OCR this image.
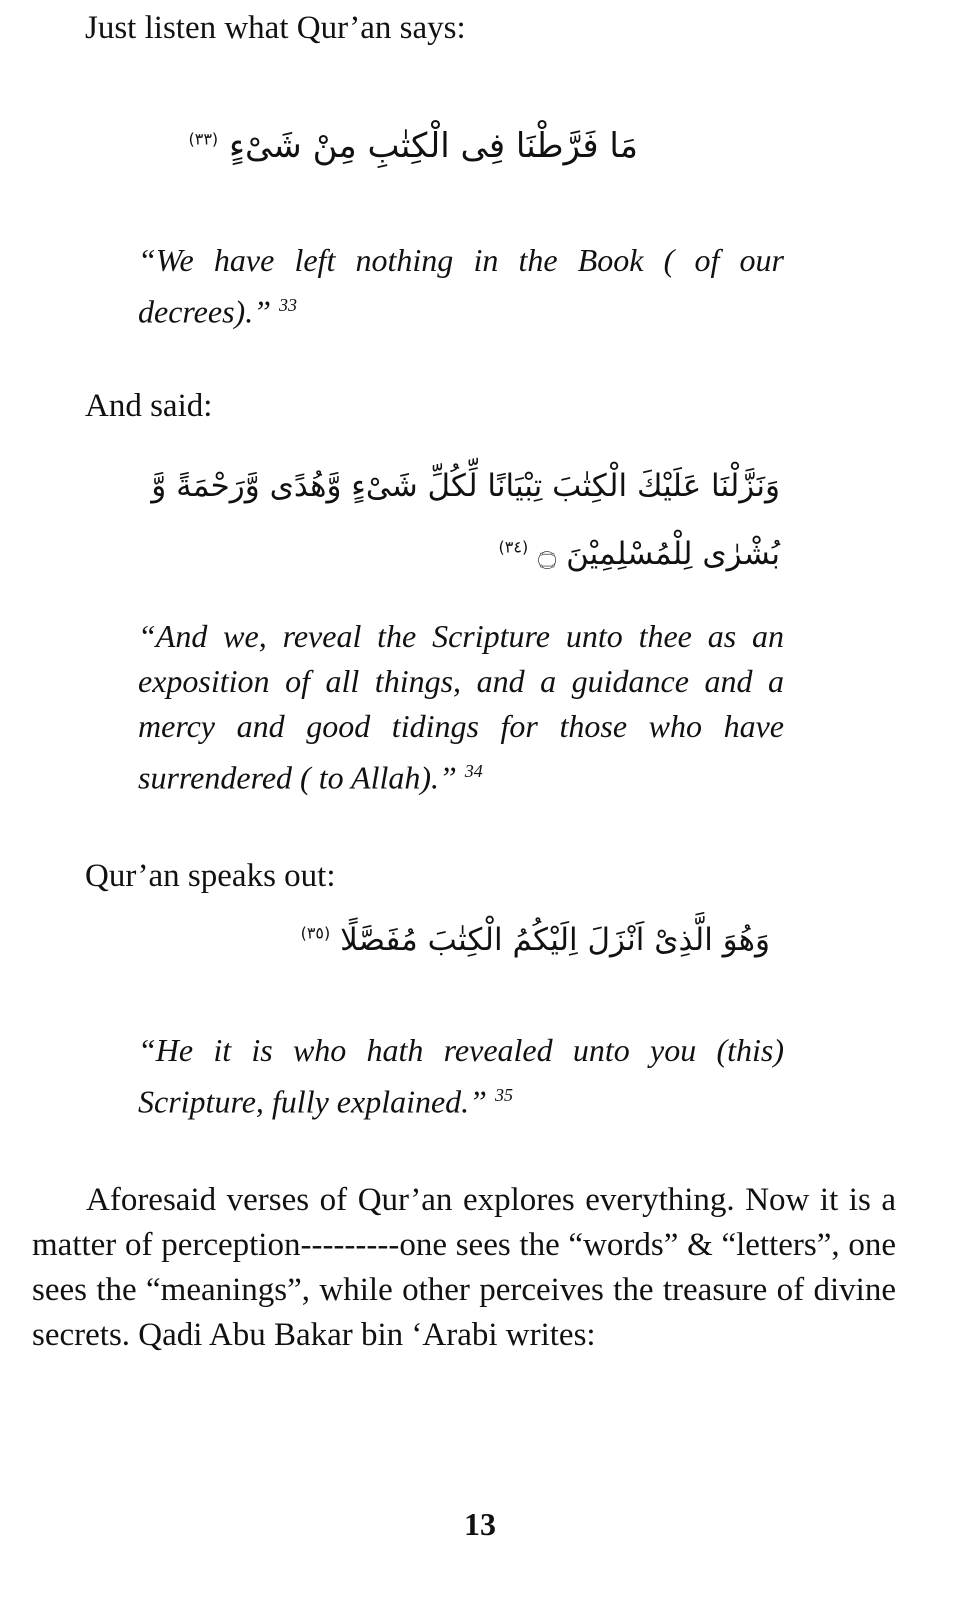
Just listen what Qur’an says:

مَا فَرَّطْنَا فِى الْكِتٰبِ مِنْ شَىْءٍ $^{(٣٣)}$

“We have left nothing in the Book ( of our decrees).” $^{33}$

And said:

وَنَزَّلْنَا عَلَيْكَ الْكِتٰبَ تِبْيَانًا لِّكُلِّ شَىْءٍ وَّهُدًى وَّرَحْمَةً وَّ

بُشْرٰى لِلْمُسْلِمِيْنَ ۝ $^{(٣٤)}$

“And we, reveal the Scripture unto thee as an exposition of all things, and a guidance and a mercy and good tidings for those who have surrendered ( to Allah).” $^{34}$

Qur’an speaks out:

وَهُوَ الَّذِىْ اَنْزَلَ اِلَيْكُمُ الْكِتٰبَ مُفَصَّلًا $^{(٣٥)}$

“He it is who hath revealed unto you (this) Scripture, fully explained.” $^{35}$

Aforesaid verses of Qur’an explores everything. Now it is a matter of perception---------one sees the “words” & “letters”, one sees the “meanings”, while other perceives the treasure of divine secrets. Qadi Abu Bakar bin ‘Arabi writes:

13
